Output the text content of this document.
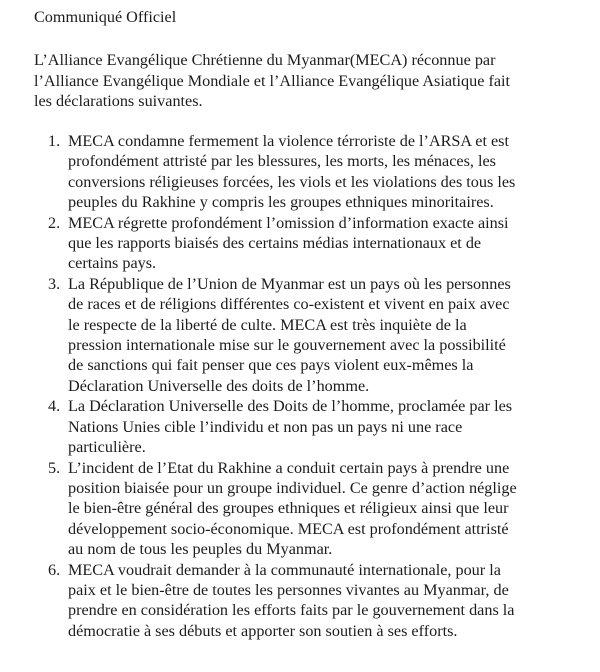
Communiqué Officiel
L’Alliance Evangélique Chrétienne du Myanmar(MECA) réconnue par
l’Alliance Evangélique Mondiale et l’Alliance Evangélique Asiatique fait
les déclarations suivantes.
1. MECA condamne fermement la violence térroriste de l’ARSA et est
profondément attristé par les blessures, les morts, les ménaces, les
conversions réligieuses forcées, les viols et les violations des tous les
peuples du Rakhine y compris les groupes ethniques minoritaires.
2. MECA régrette profondément l’omission d’information exacte ainsi
que les rapports biaisés des certains médias internationaux et de
certains pays.
3. La République de l’Union de Myanmar est un pays où les personnes
de races et de réligions différentes co-existent et vivent en paix avec
le respecte de la liberté de culte. MECA est très inquiète de la
pression internationale mise sur le gouvernement avec la possibilité
de sanctions qui fait penser que ces pays violent eux-mêmes la
Déclaration Universelle des doits de l’homme.
4. La Déclaration Universelle des Doits de l’homme, proclamée par les
Nations Unies cible l’individu et non pas un pays ni une race
particulière.
5. L’incident de l’Etat du Rakhine a conduit certain pays à prendre une
position biaisée pour un groupe individuel. Ce genre d’action néglige
le bien-être général des groupes ethniques et réligieux ainsi que leur
développement socio-économique. MECA est profondément attristé
au nom de tous les peuples du Myanmar.
6. MECA voudrait demander à la communauté internationale, pour la
paix et le bien-être de toutes les personnes vivantes au Myanmar, de
prendre en considération les efforts faits par le gouvernement dans la
démocratie à ses débuts et apporter son soutien à ses efforts.
